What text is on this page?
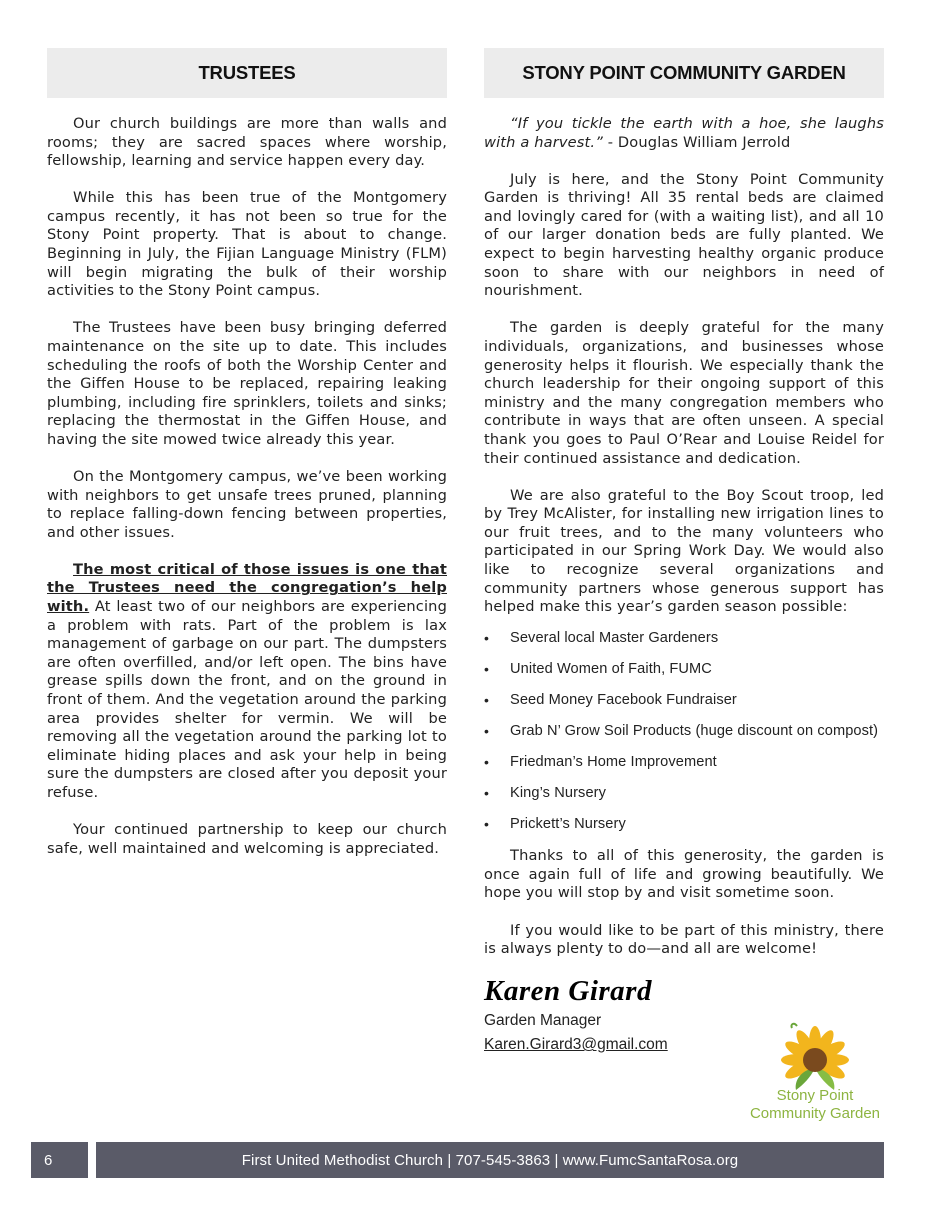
TRUSTEES

Our church buildings are more than walls and rooms; they are sacred spaces where worship, fellowship, learning and service happen every day.

While this has been true of the Montgomery campus recently, it has not been so true for the Stony Point property. That is about to change. Beginning in July, the Fijian Language Ministry (FLM) will begin migrating the bulk of their worship activities to the Stony Point campus.

The Trustees have been busy bringing deferred maintenance on the site up to date. This includes scheduling the roofs of both the Worship Center and the Giffen House to be replaced, repairing leaking plumbing, including fire sprinklers, toilets and sinks; replacing the thermostat in the Giffen House, and having the site mowed twice already this year.

On the Montgomery campus, we’ve been working with neighbors to get unsafe trees pruned, planning to replace falling-down fencing between properties, and other issues.

The most critical of those issues is one that the Trustees need the congregation’s help with. At least two of our neighbors are experiencing a problem with rats. Part of the problem is lax management of garbage on our part. The dumpsters are often overfilled, and/or left open. The bins have grease spills down the front, and on the ground in front of them. And the vegetation around the parking area provides shelter for vermin. We will be removing all the vegetation around the parking lot to eliminate hiding places and ask your help in being sure the dumpsters are closed after you deposit your refuse.

Your continued partnership to keep our church safe, well maintained and welcoming is appreciated.

STONY POINT COMMUNITY GARDEN

“If you tickle the earth with a hoe, she laughs with a harvest.” - Douglas William Jerrold

July is here, and the Stony Point Community Garden is thriving! All 35 rental beds are claimed and lovingly cared for (with a waiting list), and all 10 of our larger donation beds are fully planted. We expect to begin harvesting healthy organic produce soon to share with our neighbors in need of nourishment.

The garden is deeply grateful for the many individuals, organizations, and businesses whose generosity helps it flourish. We especially thank the church leadership for their ongoing support of this ministry and the many congregation members who contribute in ways that are often unseen. A special thank you goes to Paul O’Rear and Louise Reidel for their continued assistance and dedication.

We are also grateful to the Boy Scout troop, led by Trey McAlister, for installing new irrigation lines to our fruit trees, and to the many volunteers who participated in our Spring Work Day. We would also like to recognize several organizations and community partners whose generous support has helped make this year’s garden season possible:

• Several local Master Gardeners
• United Women of Faith, FUMC
• Seed Money Facebook Fundraiser
• Grab N’ Grow Soil Products (huge discount on compost)
• Friedman’s Home Improvement
• King’s Nursery
• Prickett’s Nursery

Thanks to all of this generosity, the garden is once again full of life and growing beautifully. We hope you will stop by and visit sometime soon.

If you would like to be part of this ministry, there is always plenty to do—and all are welcome!

Karen Girard
Garden Manager
Karen.Girard3@gmail.com
Stony Point
Community Garden
6	First United Methodist Church | 707-545-3863 | www.FumcSantaRosa.org
